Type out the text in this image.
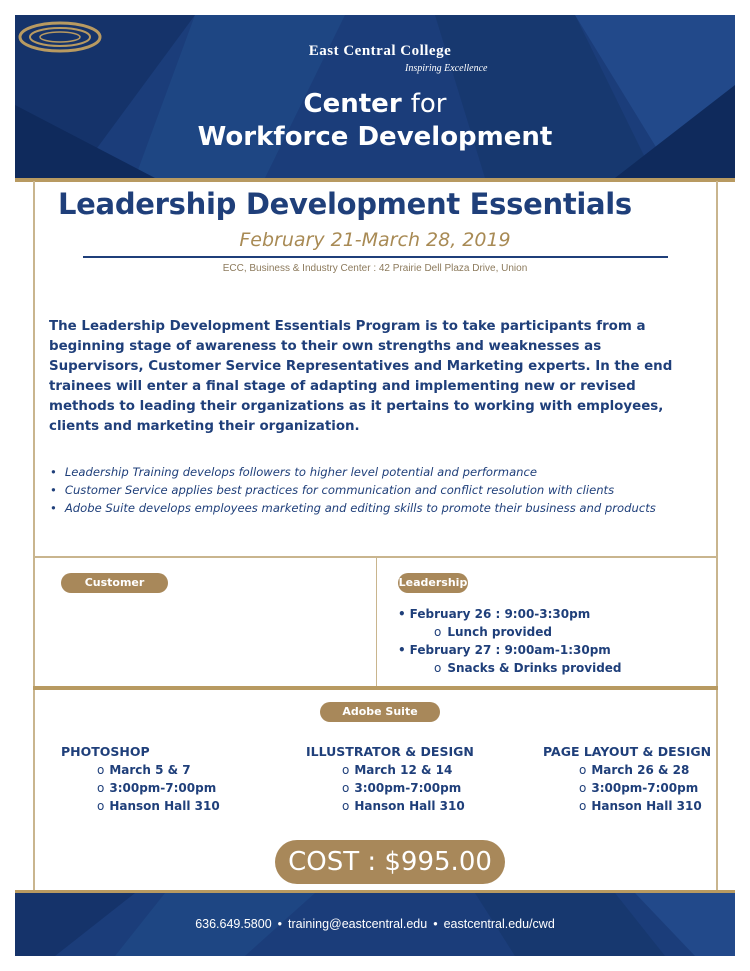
East Central College
Inspiring Excellence
Center for
Workforce Development
Leadership Development Essentials
February 21-March 28, 2019
ECC, Business & Industry Center : 42 Prairie Dell Plaza Drive, Union

The Leadership Development Essentials Program is to take participants from a beginning stage of awareness to their own strengths and weaknesses as Supervisors, Customer Service Representatives and Marketing experts. In the end trainees will enter a final stage of adapting and implementing new or revised methods to leading their organizations as it pertains to working with employees, clients and marketing their organization.

• Leadership Training develops followers to higher level potential and performance
• Customer Service applies best practices for communication and conflict resolution with clients
• Adobe Suite develops employees marketing and editing skills to promote their business and products
Customer Service
Leadership
• February 26 : 9:00-3:30pm
o Lunch provided
• February 27 : 9:00am-1:30pm
o Snacks & Drinks provided
Adobe Suite
PHOTOSHOP
o March 5 & 7
o 3:00pm-7:00pm
o Hanson Hall 310
ILLUSTRATOR & DESIGN
o March 12 & 14
o 3:00pm-7:00pm
o Hanson Hall 310
PAGE LAYOUT & DESIGN
o March 26 & 28
o 3:00pm-7:00pm
o Hanson Hall 310
COST : $995.00
636.649.5800 • training@eastcentral.edu • eastcentral.edu/cwd
